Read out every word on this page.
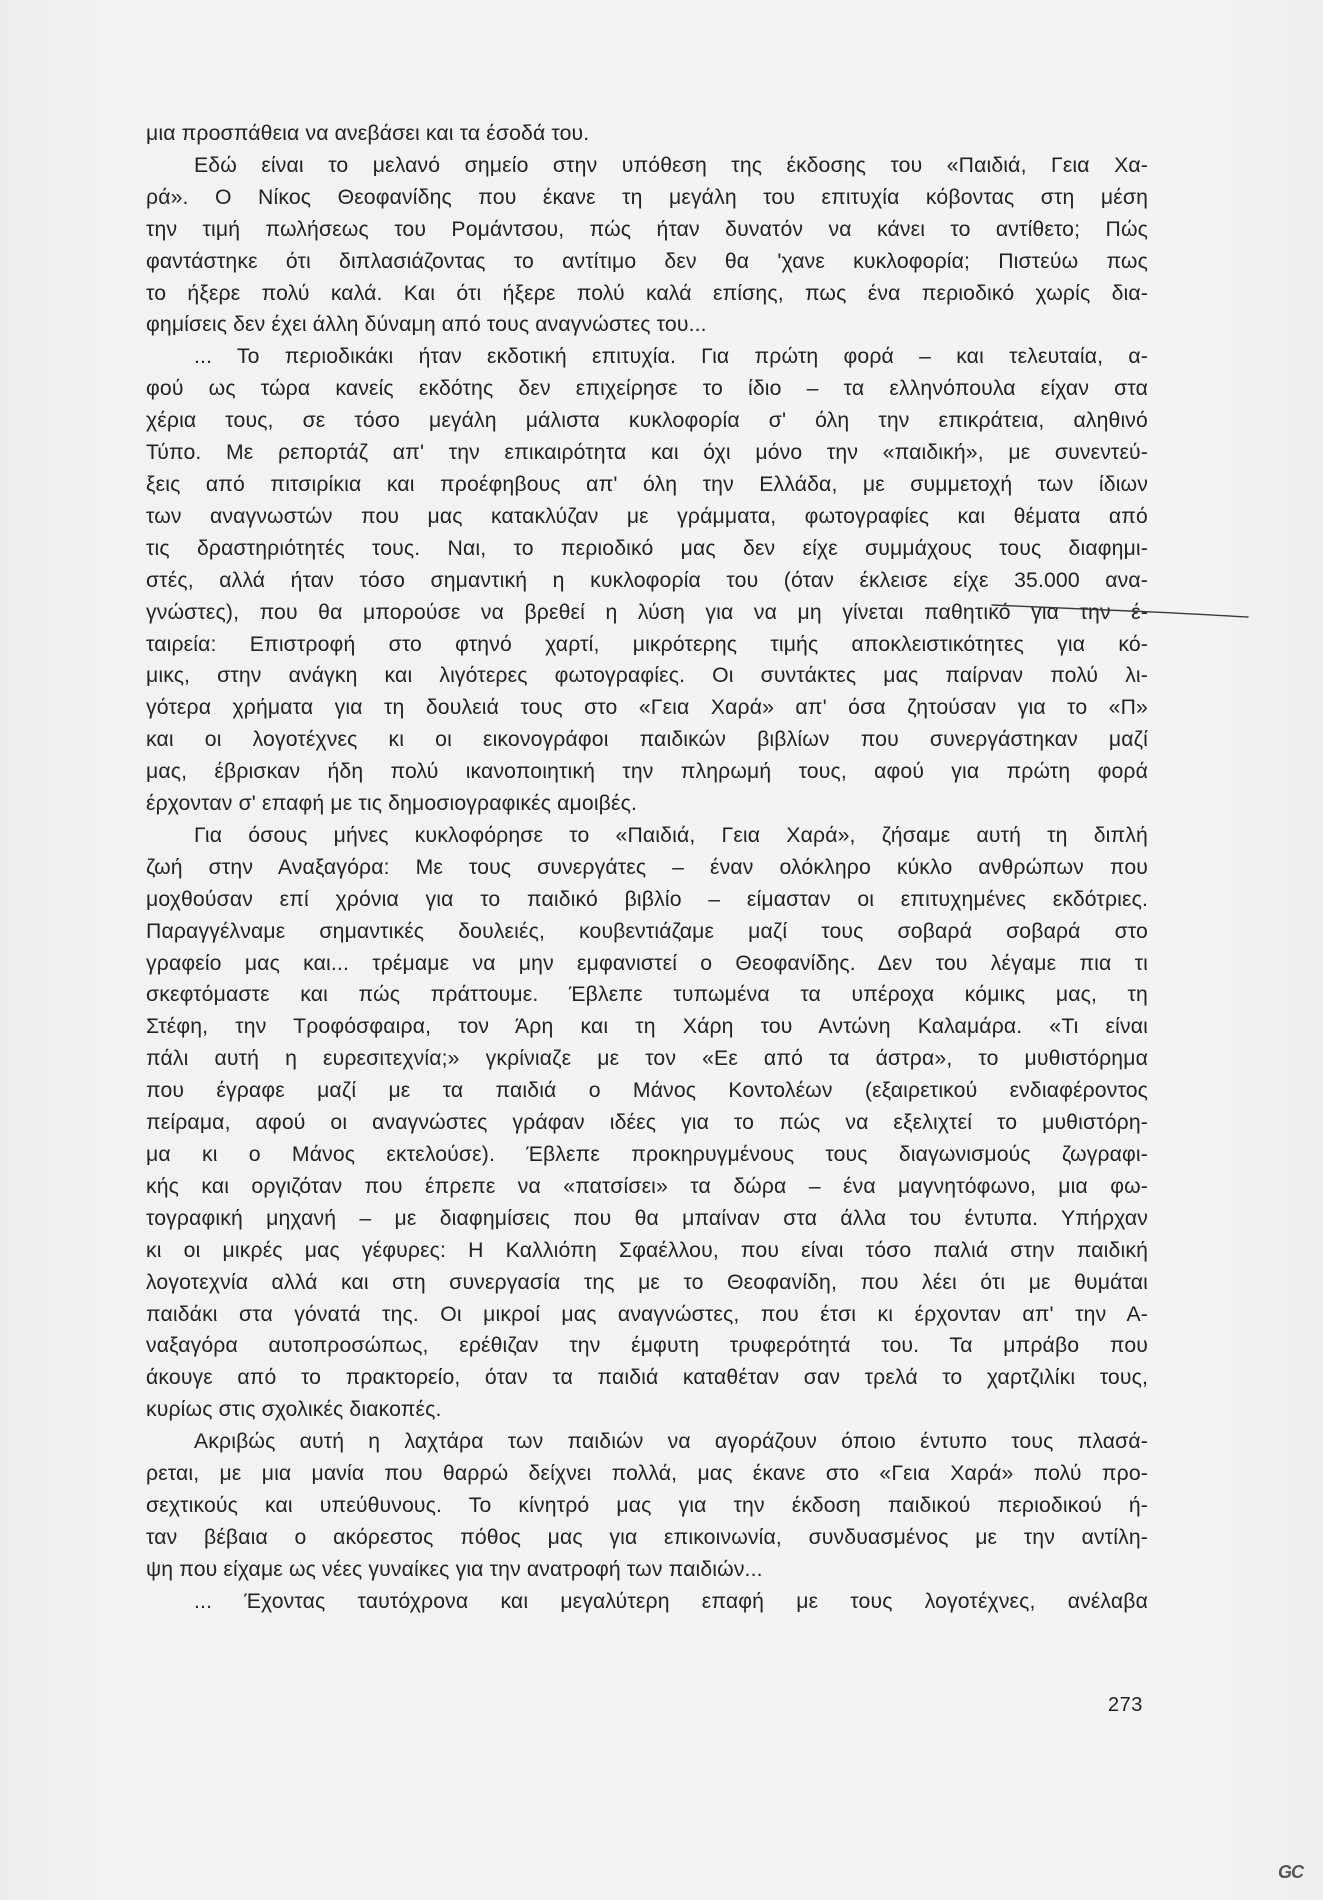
μια προσπάθεια να ανεβάσει και τα έσοδά του.
Εδώ είναι το μελανό σημείο στην υπόθεση της έκδοσης του «Παιδιά, Γεια Χα-
ρά». Ο Νίκος Θεοφανίδης που έκανε τη μεγάλη του επιτυχία κόβοντας στη μέση
την τιμή πωλήσεως του Ρομάντσου, πώς ήταν δυνατόν να κάνει το αντίθετο; Πώς
φαντάστηκε ότι διπλασιάζοντας το αντίτιμο δεν θα 'χανε κυκλοφορία; Πιστεύω πως
το ήξερε πολύ καλά. Και ότι ήξερε πολύ καλά επίσης, πως ένα περιοδικό χωρίς δια-
φημίσεις δεν έχει άλλη δύναμη από τους αναγνώστες του...
... Το περιοδικάκι ήταν εκδοτική επιτυχία. Για πρώτη φορά – και τελευταία, α-
φού ως τώρα κανείς εκδότης δεν επιχείρησε το ίδιο – τα ελληνόπουλα είχαν στα
χέρια τους, σε τόσο μεγάλη μάλιστα κυκλοφορία σ' όλη την επικράτεια, αληθινό
Τύπο. Με ρεπορτάζ απ' την επικαιρότητα και όχι μόνο την «παιδική», με συνεντεύ-
ξεις από πιτσιρίκια και προέφηβους απ' όλη την Ελλάδα, με συμμετοχή των ίδιων
των αναγνωστών που μας κατακλύζαν με γράμματα, φωτογραφίες και θέματα από
τις δραστηριότητές τους. Ναι, το περιοδικό μας δεν είχε συμμάχους τους διαφημι-
στές, αλλά ήταν τόσο σημαντική η κυκλοφορία του (όταν έκλεισε είχε 35.000 ανα-
γνώστες), που θα μπορούσε να βρεθεί η λύση για να μη γίνεται παθητικό για την έ-
ταιρεία: Επιστροφή στο φτηνό χαρτί, μικρότερης τιμής αποκλειστικότητες για κό-
μικς, στην ανάγκη και λιγότερες φωτογραφίες. Οι συντάκτες μας παίρναν πολύ λι-
γότερα χρήματα για τη δουλειά τους στο «Γεια Χαρά» απ' όσα ζητούσαν για το «Π»
και οι λογοτέχνες κι οι εικονογράφοι παιδικών βιβλίων που συνεργάστηκαν μαζί
μας, έβρισκαν ήδη πολύ ικανοποιητική την πληρωμή τους, αφού για πρώτη φορά
έρχονταν σ' επαφή με τις δημοσιογραφικές αμοιβές.
Για όσους μήνες κυκλοφόρησε το «Παιδιά, Γεια Χαρά», ζήσαμε αυτή τη διπλή
ζωή στην Αναξαγόρα: Με τους συνεργάτες – έναν ολόκληρο κύκλο ανθρώπων που
μοχθούσαν επί χρόνια για το παιδικό βιβλίο – είμασταν οι επιτυχημένες εκδότριες.
Παραγγέλναμε σημαντικές δουλειές, κουβεντιάζαμε μαζί τους σοβαρά σοβαρά στο
γραφείο μας και... τρέμαμε να μην εμφανιστεί ο Θεοφανίδης. Δεν του λέγαμε πια τι
σκεφτόμαστε και πώς πράττουμε. Έβλεπε τυπωμένα τα υπέροχα κόμικς μας, τη
Στέφη, την Τροφόσφαιρα, τον Άρη και τη Χάρη του Αντώνη Καλαμάρα. «Τι είναι
πάλι αυτή η ευρεσιτεχνία;» γκρίνιαζε με τον «Εε από τα άστρα», το μυθιστόρημα
που έγραφε μαζί με τα παιδιά ο Μάνος Κοντολέων (εξαιρετικού ενδιαφέροντος
πείραμα, αφού οι αναγνώστες γράφαν ιδέες για το πώς να εξελιχτεί το μυθιστόρη-
μα κι ο Μάνος εκτελούσε). Έβλεπε προκηρυγμένους τους διαγωνισμούς ζωγραφι-
κής και οργιζόταν που έπρεπε να «πατσίσει» τα δώρα – ένα μαγνητόφωνο, μια φω-
τογραφική μηχανή – με διαφημίσεις που θα μπαίναν στα άλλα του έντυπα. Υπήρχαν
κι οι μικρές μας γέφυρες: Η Καλλιόπη Σφαέλλου, που είναι τόσο παλιά στην παιδική
λογοτεχνία αλλά και στη συνεργασία της με το Θεοφανίδη, που λέει ότι με θυμάται
παιδάκι στα γόνατά της. Οι μικροί μας αναγνώστες, που έτσι κι έρχονταν απ' την Α-
ναξαγόρα αυτοπροσώπως, ερέθιζαν την έμφυτη τρυφερότητά του. Τα μπράβο που
άκουγε από το πρακτορείο, όταν τα παιδιά καταθέταν σαν τρελά το χαρτζιλίκι τους,
κυρίως στις σχολικές διακοπές.
Ακριβώς αυτή η λαχτάρα των παιδιών να αγοράζουν όποιο έντυπο τους πλασά-
ρεται, με μια μανία που θαρρώ δείχνει πολλά, μας έκανε στο «Γεια Χαρά» πολύ προ-
σεχτικούς και υπεύθυνους. Το κίνητρό μας για την έκδοση παιδικού περιοδικού ή-
ταν βέβαια ο ακόρεστος πόθος μας για επικοινωνία, συνδυασμένος με την αντίλη-
ψη που είχαμε ως νέες γυναίκες για την ανατροφή των παιδιών...
... Έχοντας ταυτόχρονα και μεγαλύτερη επαφή με τους λογοτέχνες, ανέλαβα
273
GC
